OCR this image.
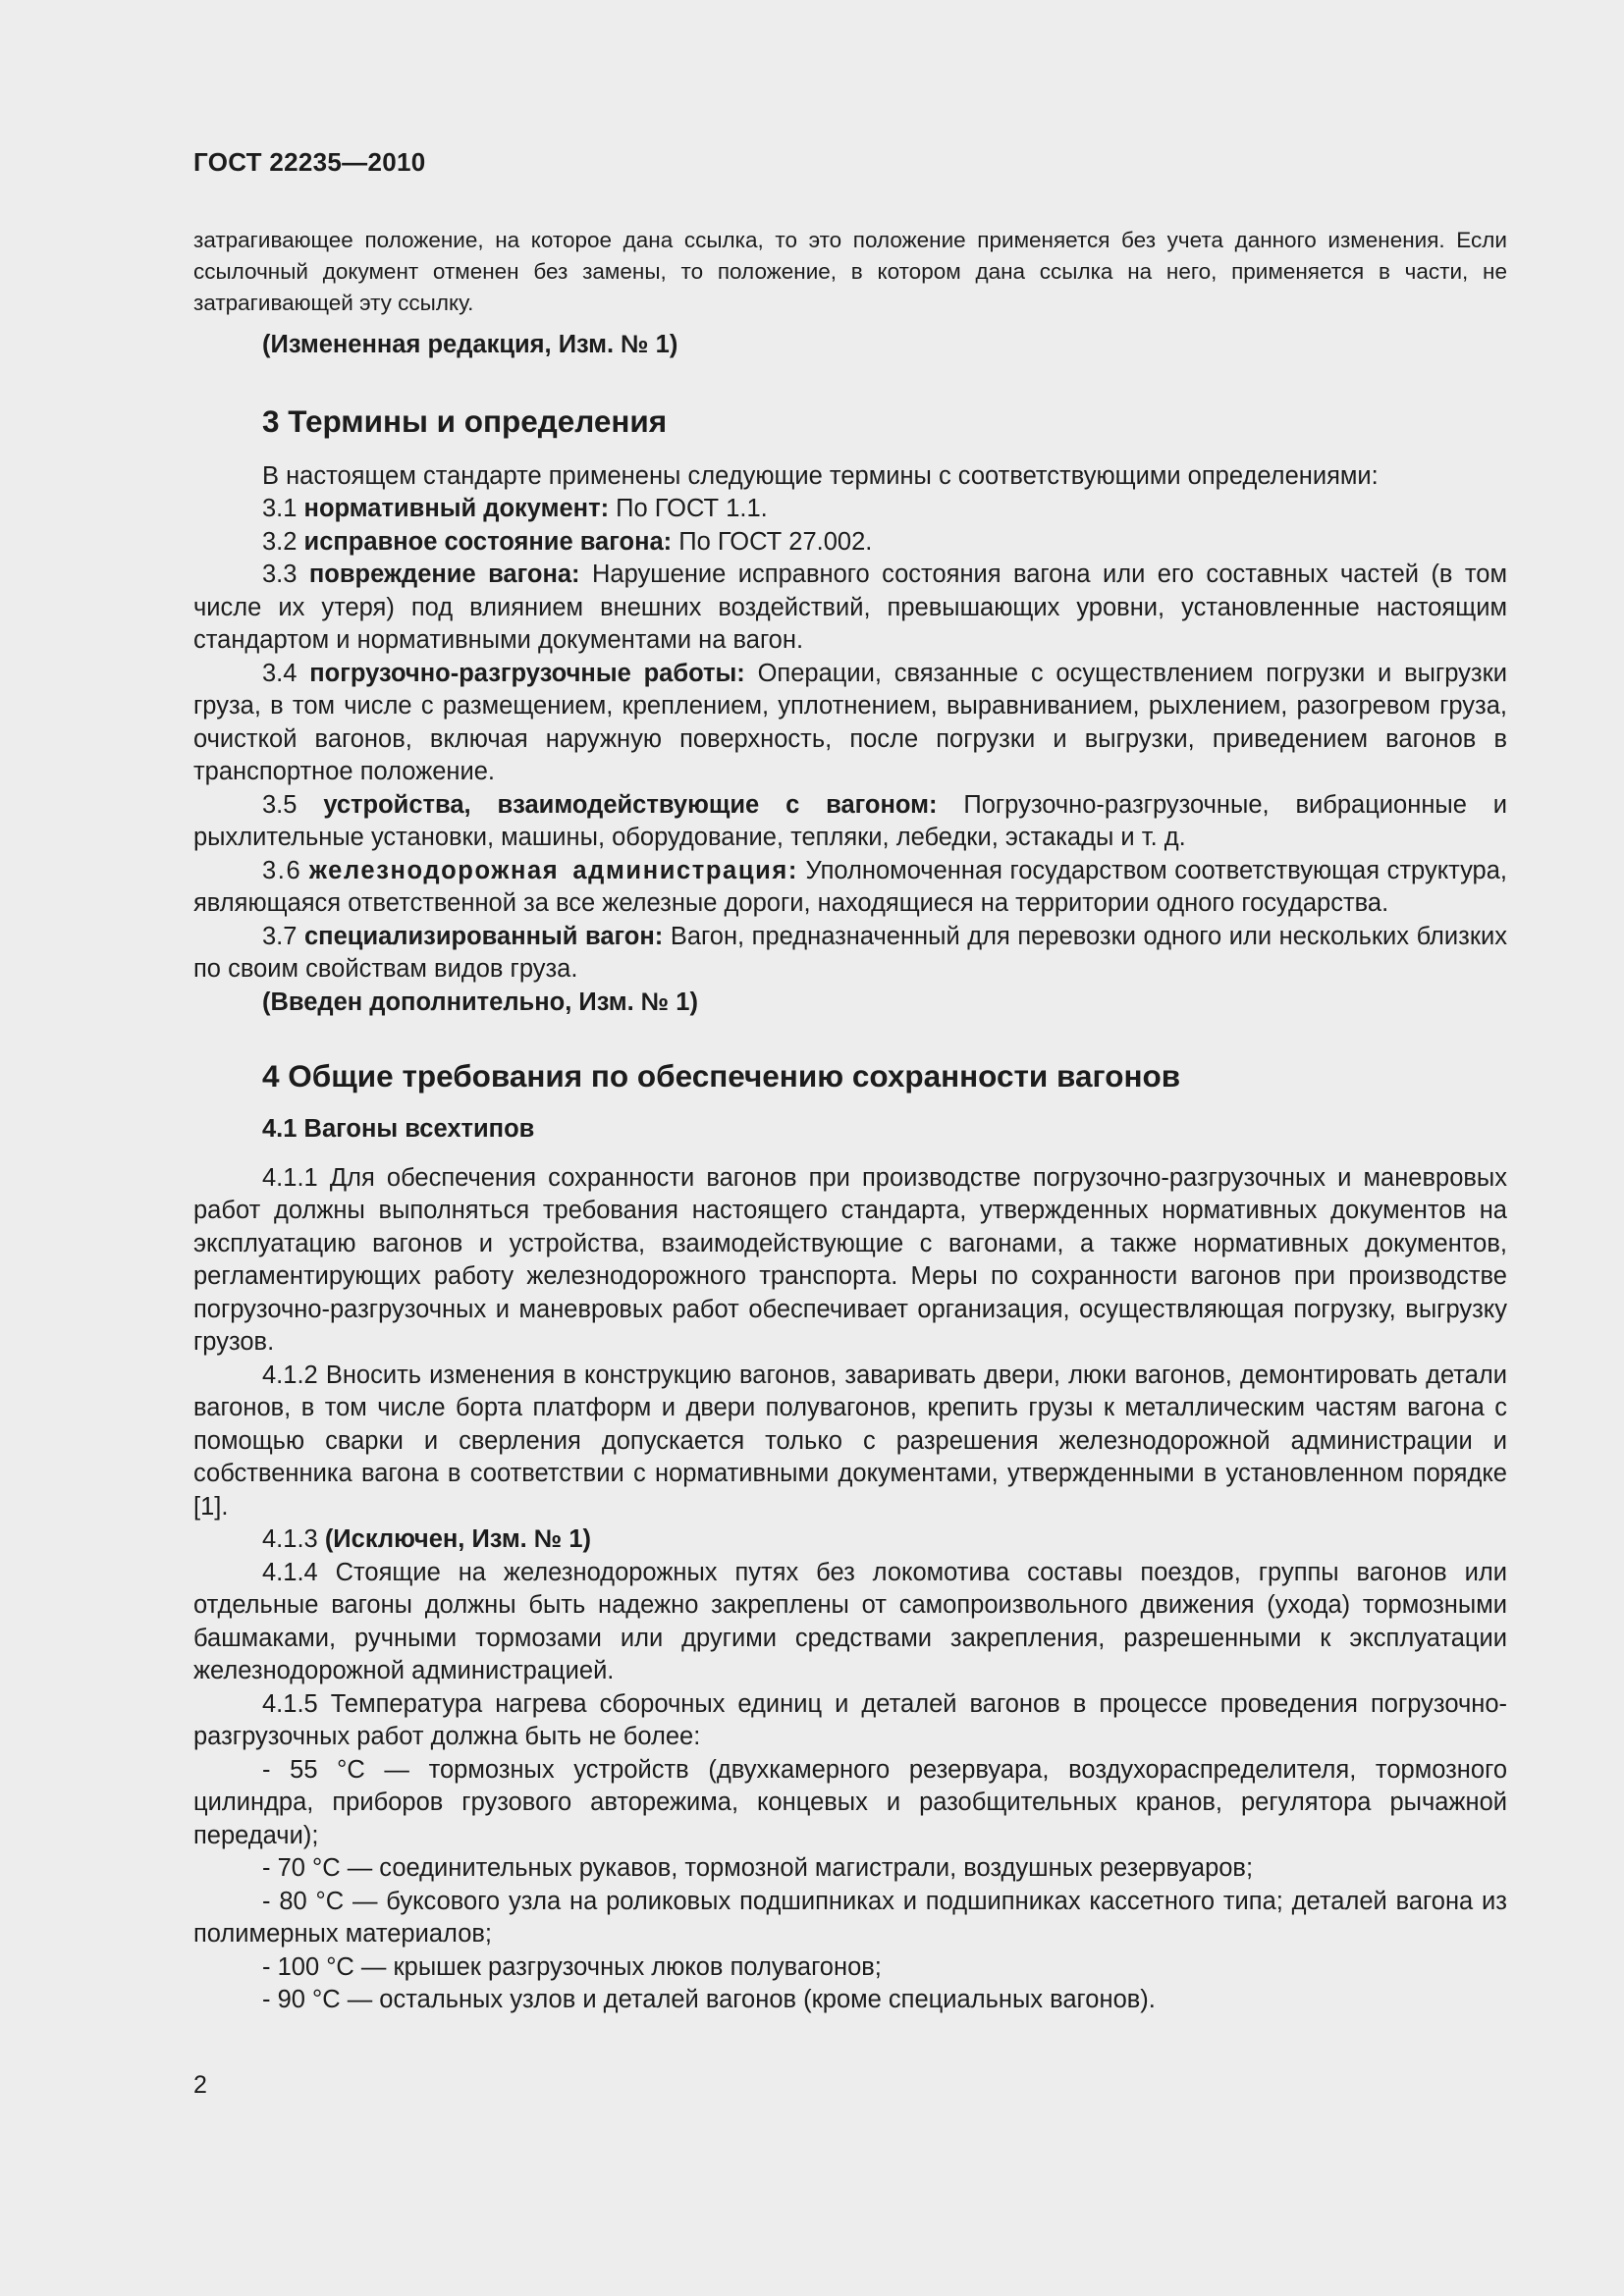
ГОСТ 22235—2010

затрагивающее положение, на которое дана ссылка, то это положение применяется без учета данного изменения. Если ссылочный документ отменен без замены, то положение, в котором дана ссылка на него, применяется в части, не затрагивающей эту ссылку.

(Измененная редакция, Изм. № 1)
3 Термины и определения

В настоящем стандарте применены следующие термины с соответствующими определениями:

3.1 нормативный документ: По ГОСТ 1.1.

3.2 исправное состояние вагона: По ГОСТ 27.002.

3.3 повреждение вагона: Нарушение исправного состояния вагона или его составных частей (в том числе их утеря) под влиянием внешних воздействий, превышающих уровни, установленные настоящим стандартом и нормативными документами на вагон.

3.4 погрузочно-разгрузочные работы: Операции, связанные с осуществлением погрузки и выгрузки груза, в том числе с размещением, креплением, уплотнением, выравниванием, рыхлением, разогревом груза, очисткой вагонов, включая наружную поверхность, после погрузки и выгрузки, приведением вагонов в транспортное положение.

3.5 устройства, взаимодействующие с вагоном: Погрузочно-разгрузочные, вибрационные и рыхлительные установки, машины, оборудование, тепляки, лебедки, эстакады и т. д.

3.6 железнодорожная администрация: Уполномоченная государством соответствующая структура, являющаяся ответственной за все железные дороги, находящиеся на территории одного государства.

3.7 специализированный вагон: Вагон, предназначенный для перевозки одного или нескольких близких по своим свойствам видов груза.

(Введен дополнительно, Изм. № 1)
4 Общие требования по обеспечению сохранности вагонов
4.1 Вагоны всехтипов

4.1.1 Для обеспечения сохранности вагонов при производстве погрузочно-разгрузочных и маневровых работ должны выполняться требования настоящего стандарта, утвержденных нормативных документов на эксплуатацию вагонов и устройства, взаимодействующие с вагонами, а также нормативных документов, регламентирующих работу железнодорожного транспорта. Меры по сохранности вагонов при производстве погрузочно-разгрузочных и маневровых работ обеспечивает организация, осуществляющая погрузку, выгрузку грузов.

4.1.2 Вносить изменения в конструкцию вагонов, заваривать двери, люки вагонов, демонтировать детали вагонов, в том числе борта платформ и двери полувагонов, крепить грузы к металлическим частям вагона с помощью сварки и сверления допускается только с разрешения железнодорожной администрации и собственника вагона в соответствии с нормативными документами, утвержденными в установленном порядке [1].

4.1.3 (Исключен, Изм. № 1)

4.1.4 Стоящие на железнодорожных путях без локомотива составы поездов, группы вагонов или отдельные вагоны должны быть надежно закреплены от самопроизвольного движения (ухода) тормозными башмаками, ручными тормозами или другими средствами закрепления, разрешенными к эксплуатации железнодорожной администрацией.

4.1.5 Температура нагрева сборочных единиц и деталей вагонов в процессе проведения погрузочно-разгрузочных работ должна быть не более:

- 55 °С — тормозных устройств (двухкамерного резервуара, воздухораспределителя, тормозного цилиндра, приборов грузового авторежима, концевых и разобщительных кранов, регулятора рычажной передачи);

- 70 °С — соединительных рукавов, тормозной магистрали, воздушных резервуаров;

- 80 °С — буксового узла на роликовых подшипниках и подшипниках кассетного типа; деталей вагона из полимерных материалов;

- 100 °С — крышек разгрузочных люков полувагонов;

- 90 °С — остальных узлов и деталей вагонов (кроме специальных вагонов).

2
